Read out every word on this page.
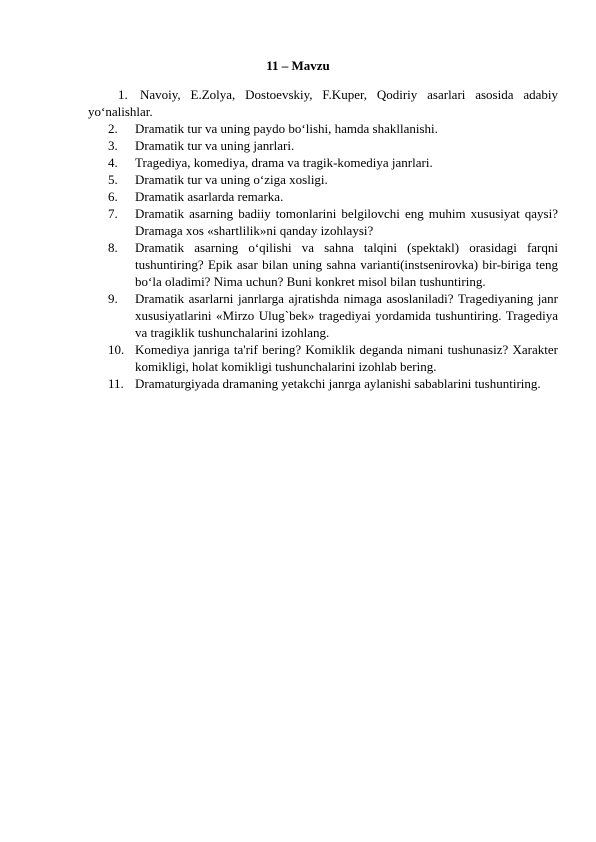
11 – Mavzu
1. Navoiy, E.Zolya, Dostoevskiy, F.Kuper, Qodiriy asarlari asosida adabiy yo‘nalishlar.
2.	Dramatik tur va uning paydo bo‘lishi, hamda shakllanishi.
3.	Dramatik tur va uning janrlari.
4.	Tragediya, komediya, drama va tragik-komediya janrlari.
5.	Dramatik tur va uning o‘ziga xosligi.
6.	Dramatik asarlarda remarka.
7.	Dramatik asarning badiiy tomonlarini belgilovchi eng muhim xususiyat qaysi? Dramaga xos «shartlilik»ni qanday izohlaysi?
8.	Dramatik asarning o‘qilishi va sahna talqini (spektakl) orasidagi farqni tushuntiring? Epik asar bilan uning sahna varianti(instsenirovka) bir-biriga teng bo‘la oladimi? Nima uchun? Buni konkret misol bilan tushuntiring.
9.	Dramatik asarlarni janrlarga ajratishda nimaga asoslaniladi? Tragediyaning janr xususiyatlarini «Mirzo Ulug`bek» tragediyai yordamida tushuntiring. Tragediya va tragiklik tushunchalarini izohlang.
10. Komediya janriga ta'rif bering? Komiklik deganda nimani tushunasiz? Xarakter komikligi, holat komikligi tushunchalarini izohlab bering.
11. Dramaturgiyada dramaning yetakchi janrga aylanishi sabablarini tushuntiring.
